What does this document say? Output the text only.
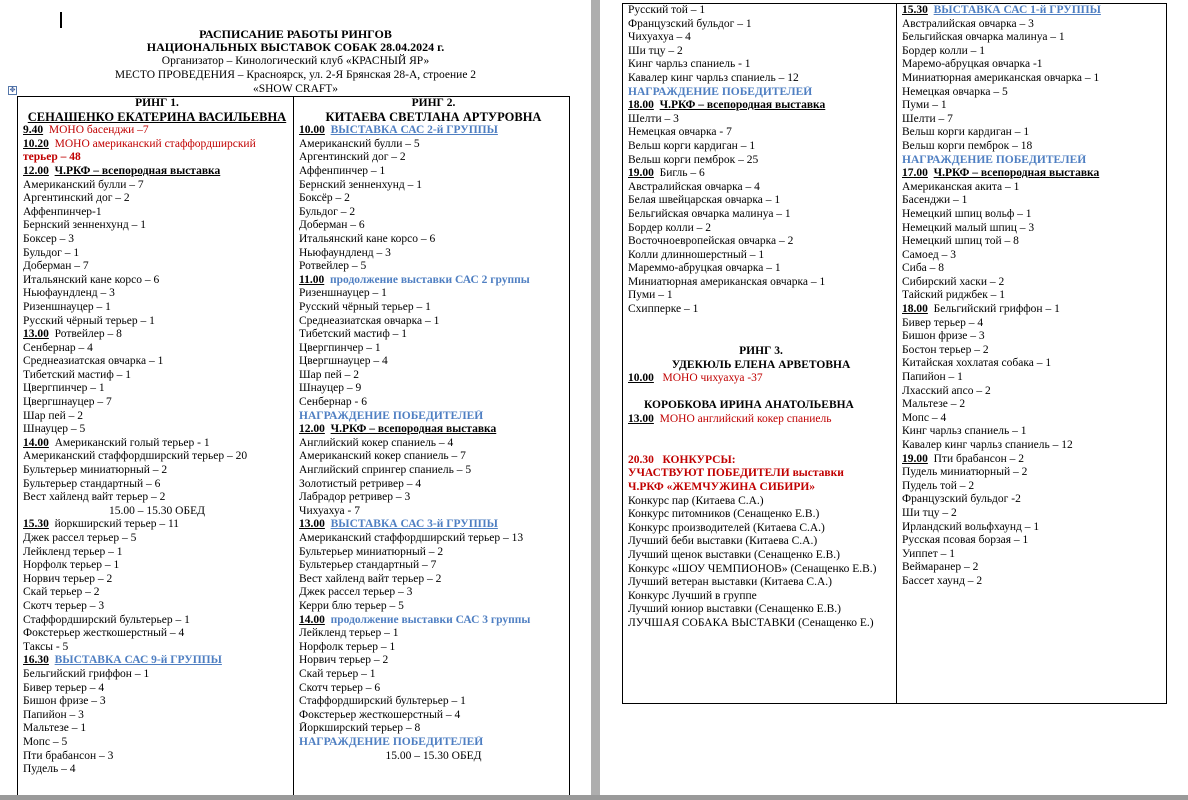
РАСПИСАНИЕ РАБОТЫ РИНГОВ
НАЦИОНАЛЬНЫХ ВЫСТАВОК СОБАК 28.04.2024 г.
Организатор – Кинологический клуб «КРАСНЫЙ ЯР»
МЕСТО ПРОВЕДЕНИЯ – Красноярск, ул. 2-Я Брянская 28-А, строение 2
«SHOW CRAFT»
✥
РИНГ 1.
СЕНАШЕНКО ЕКАТЕРИНА ВАСИЛЬЕВНА
9.40 МОНО басенджи –7
10.20 МОНО американский стаффордширский
терьер – 48
12.00 Ч.РКФ – всепородная выставка
Американский булли – 7
Аргентинский дог – 2
Аффенпинчер-1
Бернский зенненхунд – 1
Боксер – 3
Бульдог – 1
Доберман – 7
Итальянский кане корсо – 6
Ньюфаундленд – 3
Ризеншнауцер – 1
Русский чёрный терьер – 1
13.00 Ротвейлер – 8
Сенбернар – 4
Среднеазиатская овчарка – 1
Тибетский мастиф – 1
Цвергпинчер – 1
Цвергшнауцер – 7
Шар пей – 2
Шнауцер – 5
14.00 Американский голый терьер - 1
Американский стаффордширский терьер – 20
Бультерьер миниатюрный – 2
Бультерьер стандартный – 6
Вест хайленд вайт терьер – 2
15.00 – 15.30 ОБЕД
15.30 йоркширский терьер – 11
Джек рассел терьер – 5
Лейкленд терьер – 1
Норфолк терьер – 1
Норвич терьер – 2
Скай терьер – 2
Скотч терьер – 3
Стаффордширский бультерьер – 1
Фокстерьер жесткошерстный – 4
Таксы - 5
16.30 ВЫСТАВКА САС 9-й ГРУППЫ
Бельгийский гриффон – 1
Бивер терьер – 4
Бишон фризе – 3
Папийон – 3
Мальтезе – 1
Мопс – 5
Пти брабансон – 3
Пудель – 4
РИНГ 2.
КИТАЕВА СВЕТЛАНА АРТУРОВНА
10.00 ВЫСТАВКА САС 2-й ГРУППЫ
Американский булли – 5
Аргентинский дог – 2
Аффенпинчер – 1
Бернский зенненхунд – 1
Боксёр – 2
Бульдог – 2
Доберман – 6
Итальянский кане корсо – 6
Ньюфаундленд – 3
Ротвейлер – 5
11.00 продолжение выставки САС 2 группы
Ризеншнауцер – 1
Русский чёрный терьер – 1
Среднеазиатская овчарка – 1
Тибетский мастиф – 1
Цвергпинчер – 1
Цвергшнауцер – 4
Шар пей – 2
Шнауцер – 9
Сенбернар - 6
НАГРАЖДЕНИЕ ПОБЕДИТЕЛЕЙ
12.00 Ч.РКФ – всепородная выставка
Английский кокер спаниель – 4
Американский кокер спаниель – 7
Английский спрингер спаниель – 5
Золотистый ретривер – 4
Лабрадор ретривер – 3
Чихуахуа - 7
13.00 ВЫСТАВКА САС 3-й ГРУППЫ
Американский стаффордширский терьер – 13
Бультерьер миниатюрный – 2
Бультерьер стандартный – 7
Вест хайленд вайт терьер – 2
Джек рассел терьер – 3
Керри блю терьер – 5
14.00 продолжение выставки САС 3 группы
Лейкленд терьер – 1
Норфолк терьер – 1
Норвич терьер – 2
Скай терьер – 1
Скотч терьер – 6
Стаффордширский бультерьер – 1
Фокстерьер жесткошерстный – 4
Йоркширский терьер – 8
НАГРАЖДЕНИЕ ПОБЕДИТЕЛЕЙ
15.00 – 15.30 ОБЕД
Русский той – 1
Французский бульдог – 1
Чихуахуа – 4
Ши тцу – 2
Кинг чарльз спаниель - 1
Кавалер кинг чарльз спаниель – 12
НАГРАЖДЕНИЕ ПОБЕДИТЕЛЕЙ
18.00 Ч.РКФ – всепородная выставка
Шелти – 3
Немецкая овчарка - 7
Вельш корги кардиган – 1
Вельш корги пемброк – 25
19.00 Бигль – 6
Австралийская овчарка – 4
Белая швейцарская овчарка – 1
Бельгийская овчарка малинуа – 1
Бордер колли – 2
Восточноевропейская овчарка – 2
Колли длинношерстный – 1
Мареммо-абруцкая овчарка – 1
Миниатюрная американская овчарка – 1
Пуми – 1
Схипперке – 1
РИНГ 3.
УДЕКЮЛЬ ЕЛЕНА АРВЕТОВНА
10.00 МОНО чихуахуа -37
КОРОБКОВА ИРИНА АНАТОЛЬЕВНА
13.00 МОНО английский кокер спаниель
20.30 КОНКУРСЫ:
УЧАСТВУЮТ ПОБЕДИТЕЛИ выставки
Ч.РКФ «ЖЕМЧУЖИНА СИБИРИ»
Конкурс пар (Китаева С.А.)
Конкурс питомников (Сенащенко Е.В.)
Конкурс производителей (Китаева С.А.)
Лучший беби выставки (Китаева С.А.)
Лучший щенок выставки (Сенащенко Е.В.)
Конкурс «ШОУ ЧЕМПИОНОВ» (Сенащенко Е.В.)
Лучший ветеран выставки (Китаева С.А.)
Конкурс Лучший в группе
Лучший юниор выставки (Сенащенко Е.В.)
ЛУЧШАЯ СОБАКА ВЫСТАВКИ (Сенащенко Е.)
15.30 ВЫСТАВКА САС 1-й ГРУППЫ
Австралийская овчарка – 3
Бельгийская овчарка малинуа – 1
Бордер колли – 1
Маремо-абруцкая овчарка -1
Миниатюрная американская овчарка – 1
Немецкая овчарка – 5
Пуми – 1
Шелти – 7
Вельш корги кардиган – 1
Вельш корги пемброк – 18
НАГРАЖДЕНИЕ ПОБЕДИТЕЛЕЙ
17.00 Ч.РКФ – всепородная выставка
Американская акита – 1
Басенджи – 1
Немецкий шпиц вольф – 1
Немецкий малый шпиц – 3
Немецкий шпиц той – 8
Самоед – 3
Сиба – 8
Сибирский хаски – 2
Тайский риджбек – 1
18.00 Бельгийский гриффон – 1
Бивер терьер – 4
Бишон фризе – 3
Бостон терьер – 2
Китайская хохлатая собака – 1
Папийон – 1
Лхасский апсо – 2
Мальтезе – 2
Мопс – 4
Кинг чарльз спаниель – 1
Кавалер кинг чарльз спаниель – 12
19.00 Пти брабансон – 2
Пудель миниатюрный – 2
Пудель той – 2
Французский бульдог -2
Ши тцу – 2
Ирландский вольфхаунд – 1
Русская псовая борзая – 1
Уиппет – 1
Веймаранер – 2
Бассет хаунд – 2
